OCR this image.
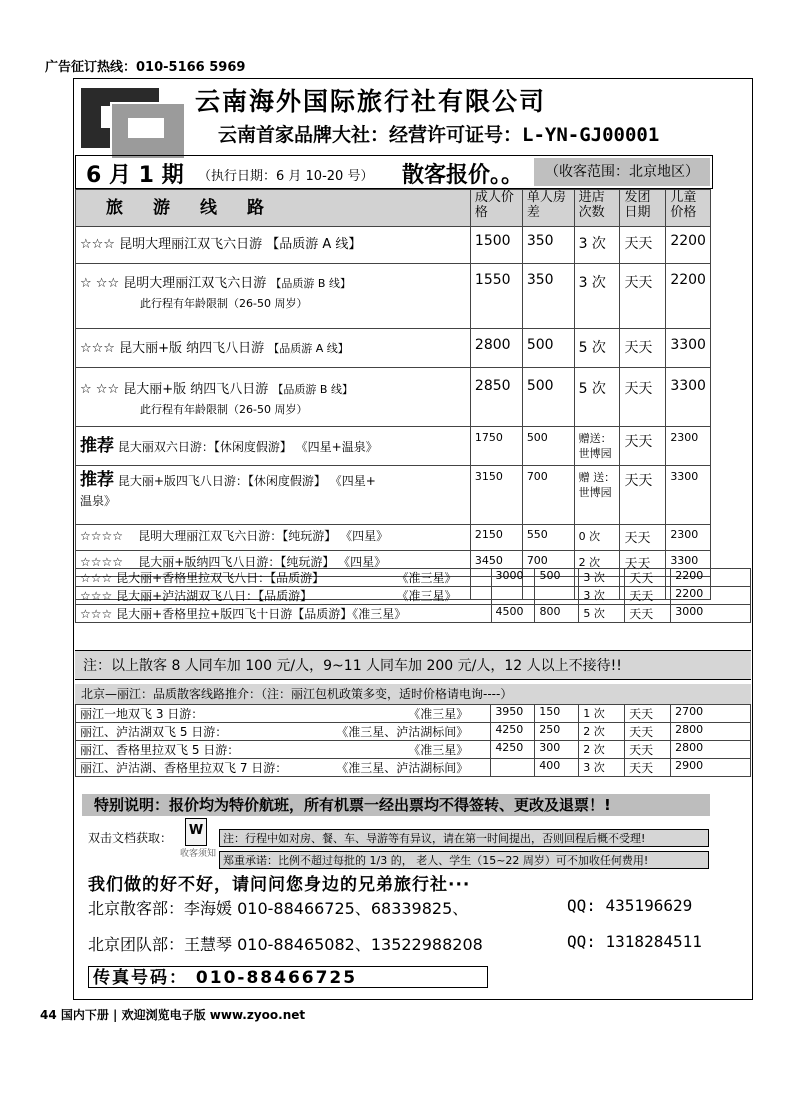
广告征订热线：010-5166 5969
云南海外国际旅行社有限公司
云南首家品牌大社：经营许可证号：L-YN-GJ00001
6 月 1 期 （执行日期：6 月 10-20 号） 散客报价。。	（收客范围：北京地区）
旅游线路	成人价格	单人房差	进店次数	发团日期	儿童价格
☆☆☆ 昆明大理丽江双飞六日游 【品质游 A 线】	1500	350	3 次	天天	2200
☆ ☆☆ 昆明大理丽江双飞六日游 【品质游 B 线】
此行程有年龄限制（26-50 周岁）	1550	350	3 次	天天	2200
☆☆☆ 昆大丽+版 纳四飞八日游 【品质游 A 线】	2800	500	5 次	天天	3300
☆ ☆☆ 昆大丽+版 纳四飞八日游 【品质游 B 线】
此行程有年龄限制（26-50 周岁）	2850	500	5 次	天天	3300
推荐 昆大丽双六日游：【休闲度假游】 《四星+温泉》	1750	500	赠送：世博园	天天	2300
推荐 昆大丽+版四飞八日游：【休闲度假游】 《四星+
温泉》	3150	700	赠 送：世博园	天天	3300
☆☆☆☆ 昆明大理丽江双飞六日游：【纯玩游】 《四星》	2150	550	0 次	天天	2300
☆☆☆☆ 昆大丽+版纳四飞八日游：【纯玩游】 《四星》	3450	700	2 次	天天	3300

☆☆☆ 昆大丽+香格里拉双飞八日：【品质游】 《准三星》	3000	500	3 次	天天	2200
☆☆☆ 昆大丽+泸沽湖双飞八日：【品质游】 《准三星》			3 次	天天	2200
☆☆☆ 昆大丽+香格里拉+版四飞十日游【品质游】《准三星》	4500	800	5 次	天天	3000
注：以上散客 8 人同车加 100 元/人，9~11 人同车加 200 元/人，12 人以上不接待!!
北京—丽江：品质散客线路推介：（注：丽江包机政策多变，适时价格请电询----）
丽江一地双飞 3 日游： 《准三星》	3950	150	1 次	天天	2700
丽江、泸沽湖双飞 5 日游： 《准三星、泸沽湖标间》	4250	250	2 次	天天	2800
丽江、香格里拉双飞 5 日游： 《准三星》	4250	300	2 次	天天	2800
丽江、泸沽湖、香格里拉双飞 7 日游： 《准三星、泸沽湖标间》		400	3 次	天天	2900
特别说明：报价均为特价航班，所有机票一经出票均不得签转、更改及退票！!
双击文档获取： W
收客须知
注：行程中如对房、餐、车、导游等有异议，请在第一时间提出，否则回程后概不受理!
郑重承诺：比例不超过每批的 1/3 的， 老人、学生（15~22 周岁）可不加收任何费用!
我们做的好不好，请问问您身边的兄弟旅行社···
北京散客部：李海媛 010-88466725、68339825、	QQ: 435196629
北京团队部：王慧琴 010-88465082、13522988208	QQ: 1318284511
传真号码： 010-88466725
44 国内下册 | 欢迎浏览电子版 www.zyoo.net
